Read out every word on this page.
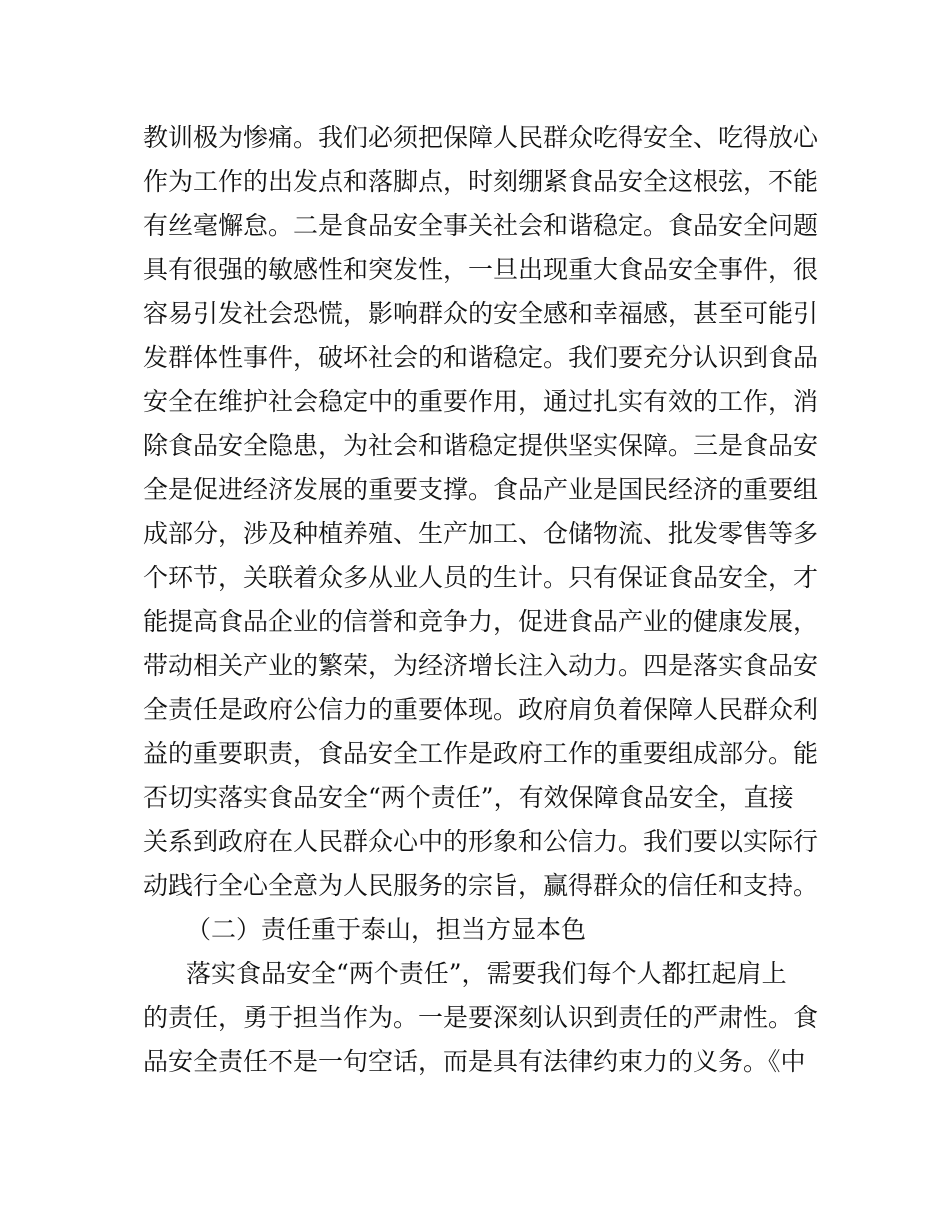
教训极为惨痛。我们必须把保障人民群众吃得安全、吃得放心
作为工作的出发点和落脚点，时刻绷紧食品安全这根弦，不能
有丝毫懈怠。二是食品安全事关社会和谐稳定。食品安全问题
具有很强的敏感性和突发性，一旦出现重大食品安全事件，很
容易引发社会恐慌，影响群众的安全感和幸福感，甚至可能引
发群体性事件，破坏社会的和谐稳定。我们要充分认识到食品
安全在维护社会稳定中的重要作用，通过扎实有效的工作，消
除食品安全隐患，为社会和谐稳定提供坚实保障。三是食品安
全是促进经济发展的重要支撑。食品产业是国民经济的重要组
成部分，涉及种植养殖、生产加工、仓储物流、批发零售等多
个环节，关联着众多从业人员的生计。只有保证食品安全，才
能提高食品企业的信誉和竞争力，促进食品产业的健康发展，
带动相关产业的繁荣，为经济增长注入动力。四是落实食品安
全责任是政府公信力的重要体现。政府肩负着保障人民群众利
益的重要职责，食品安全工作是政府工作的重要组成部分。能
否切实落实食品安全“两个责任”，有效保障食品安全，直接
关系到政府在人民群众心中的形象和公信力。我们要以实际行
动践行全心全意为人民服务的宗旨，赢得群众的信任和支持。
（二）责任重于泰山，担当方显本色
落实食品安全“两个责任”，需要我们每个人都扛起肩上
的责任，勇于担当作为。一是要深刻认识到责任的严肃性。食
品安全责任不是一句空话，而是具有法律约束力的义务。《中
